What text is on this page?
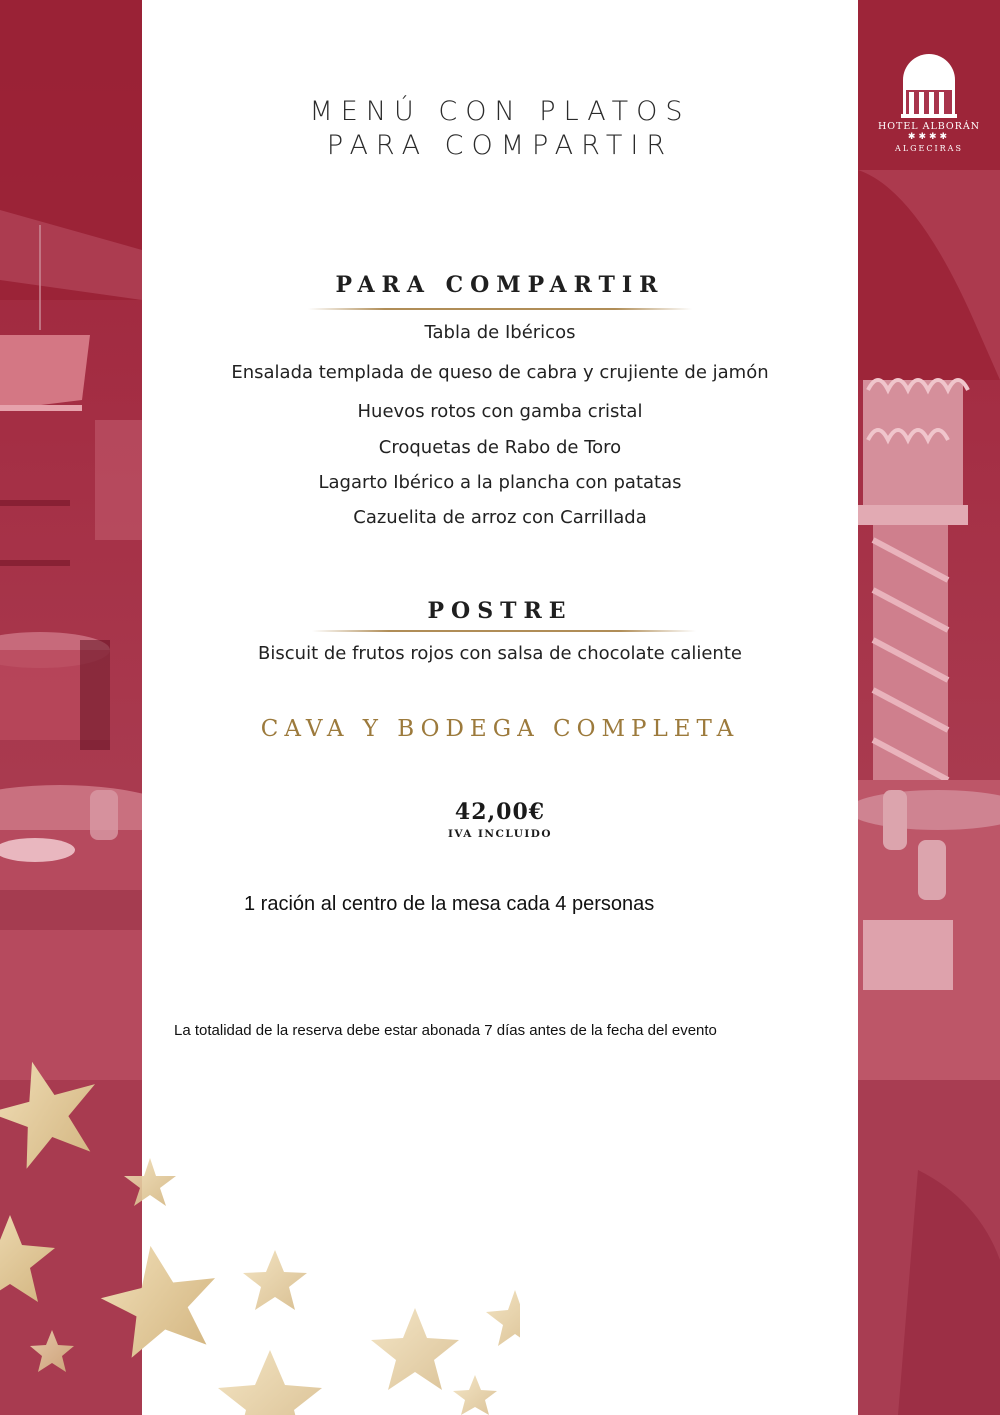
HOTEL ALBORÁN
✱✱✱✱
ALGECIRAS
MENÚ CON PLATOS
PARA COMPARTIR
PARA COMPARTIR
Tabla de Ibéricos
Ensalada templada de queso de cabra y crujiente de jamón
Huevos rotos con gamba cristal
Croquetas de Rabo de Toro
Lagarto Ibérico a la plancha con patatas
Cazuelita de arroz con Carrillada
POSTRE
Biscuit de frutos rojos con salsa de chocolate caliente
CAVA Y BODEGA COMPLETA
42,00€
IVA INCLUIDO
1 ración al centro de la mesa cada 4 personas
La totalidad de la reserva debe estar abonada 7 días antes de la fecha del evento
